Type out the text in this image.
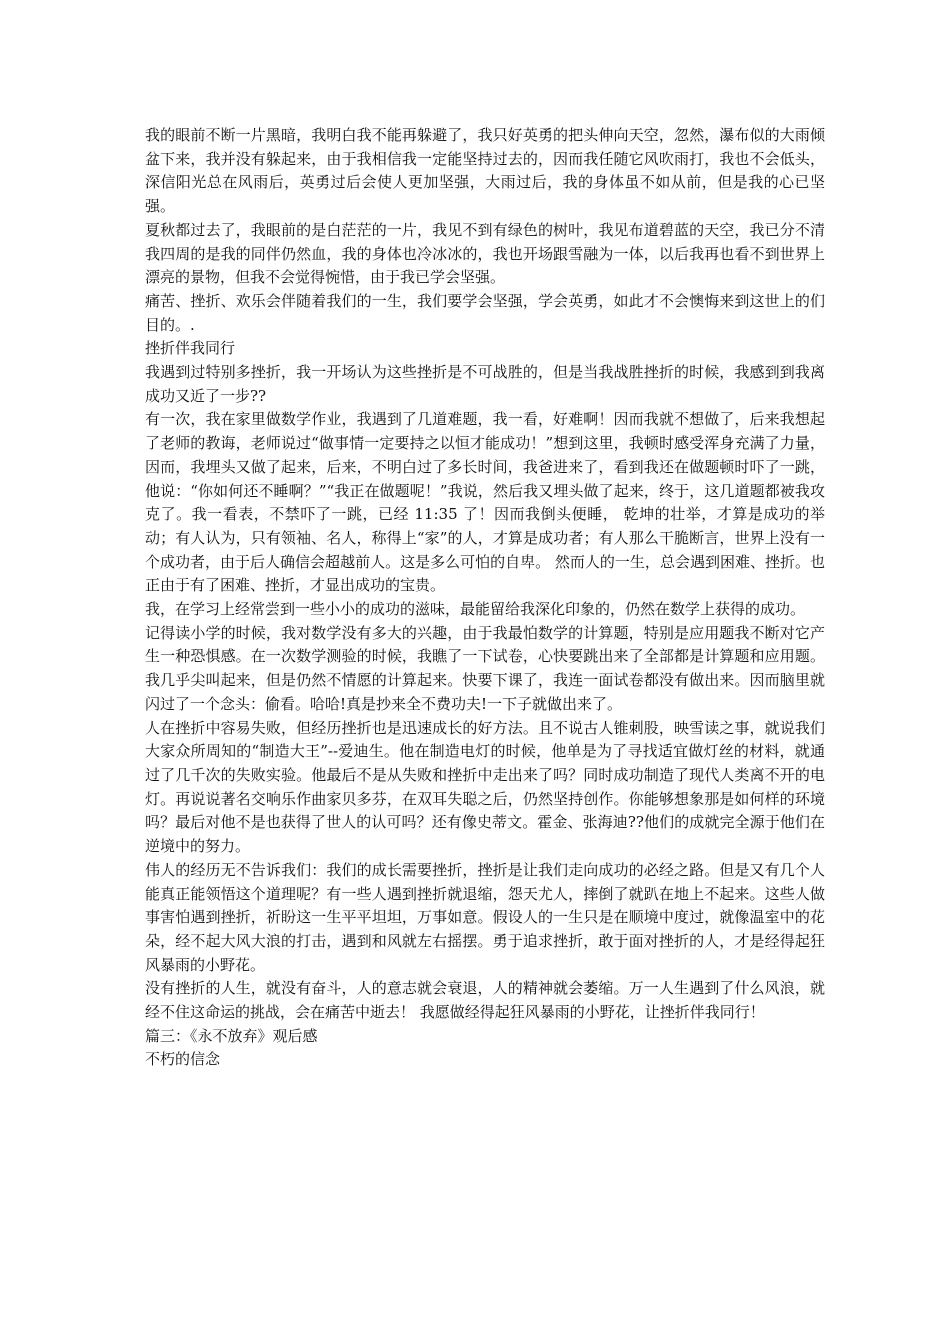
我的眼前不断一片黑暗，我明白我不能再躲避了，我只好英勇的把头伸向天空，忽然，瀑布似的大雨倾盆下来，我并没有躲起来，由于我相信我一定能坚持过去的，因而我任随它风吹雨打，我也不会低头，深信阳光总在风雨后，英勇过后会使人更加坚强，大雨过后，我的身体虽不如从前，但是我的心已坚强。

夏秋都过去了，我眼前的是白茫茫的一片，我见不到有绿色的树叶，我见布道碧蓝的天空，我已分不清我四周的是我的同伴仍然血，我的身体也冷冰冰的，我也开场跟雪融为一体，以后我再也看不到世界上漂亮的景物，但我不会觉得惋惜，由于我已学会坚强。

痛苦、挫折、欢乐会伴随着我们的一生，我们要学会坚强，学会英勇，如此才不会懊悔来到这世上的们目的。.

挫折伴我同行

我遇到过特别多挫折，我一开场认为这些挫折是不可战胜的，但是当我战胜挫折的时候，我感到到我离成功又近了一步??

有一次，我在家里做数学作业，我遇到了几道难题，我一看，好难啊！因而我就不想做了，后来我想起了老师的教诲，老师说过“做事情一定要持之以恒才能成功！”想到这里，我顿时感受浑身充满了力量，因而，我埋头又做了起来，后来，不明白过了多长时间，我爸进来了，看到我还在做题顿时吓了一跳，他说：“你如何还不睡啊？”“我正在做题呢！”我说，然后我又埋头做了起来，终于，这几道题都被我攻克了。我一看表，不禁吓了一跳，已经 11:35 了！因而我倒头便睡， 乾坤的壮举，才算是成功的举动；有人认为，只有领袖、名人，称得上“家”的人，才算是成功者；有人那么干脆断言，世界上没有一个成功者，由于后人确信会超越前人。这是多么可怕的自卑。 然而人的一生，总会遇到困难、挫折。也正由于有了困难、挫折，才显出成功的宝贵。

我，在学习上经常尝到一些小小的成功的滋味，最能留给我深化印象的，仍然在数学上获得的成功。

记得读小学的时候，我对数学没有多大的兴趣，由于我最怕数学的计算题，特别是应用题我不断对它产生一种恐惧感。在一次数学测验的时候，我瞧了一下试卷，心快要跳出来了全部都是计算题和应用题。我几乎尖叫起来，但是仍然不情愿的计算起来。快要下课了，我连一面试卷都没有做出来。因而脑里就闪过了一个念头：偷看。哈哈!真是抄来全不费功夫!一下子就做出来了。

人在挫折中容易失败，但经历挫折也是迅速成长的好方法。且不说古人锥刺股，映雪读之事，就说我们大家众所周知的“制造大王”--爱迪生。他在制造电灯的时候，他单是为了寻找适宜做灯丝的材料，就通过了几千次的失败实验。他最后不是从失败和挫折中走出来了吗？同时成功制造了现代人类离不开的电灯。再说说著名交响乐作曲家贝多芬，在双耳失聪之后，仍然坚持创作。你能够想象那是如何样的环境吗？最后对他不是也获得了世人的认可吗？还有像史蒂文。霍金、张海迪??他们的成就完全源于他们在逆境中的努力。

伟人的经历无不告诉我们：我们的成长需要挫折，挫折是让我们走向成功的必经之路。但是又有几个人能真正能领悟这个道理呢？有一些人遇到挫折就退缩，怨天尤人，摔倒了就趴在地上不起来。这些人做事害怕遇到挫折，祈盼这一生平平坦坦，万事如意。假设人的一生只是在顺境中度过，就像温室中的花朵，经不起大风大浪的打击，遇到和风就左右摇摆。勇于追求挫折，敢于面对挫折的人，才是经得起狂风暴雨的小野花。

没有挫折的人生，就没有奋斗，人的意志就会衰退，人的精神就会萎缩。万一人生遇到了什么风浪，就经不住这命运的挑战，会在痛苦中逝去！ 我愿做经得起狂风暴雨的小野花，让挫折伴我同行！

篇三：《永不放弃》观后感

不朽的信念
